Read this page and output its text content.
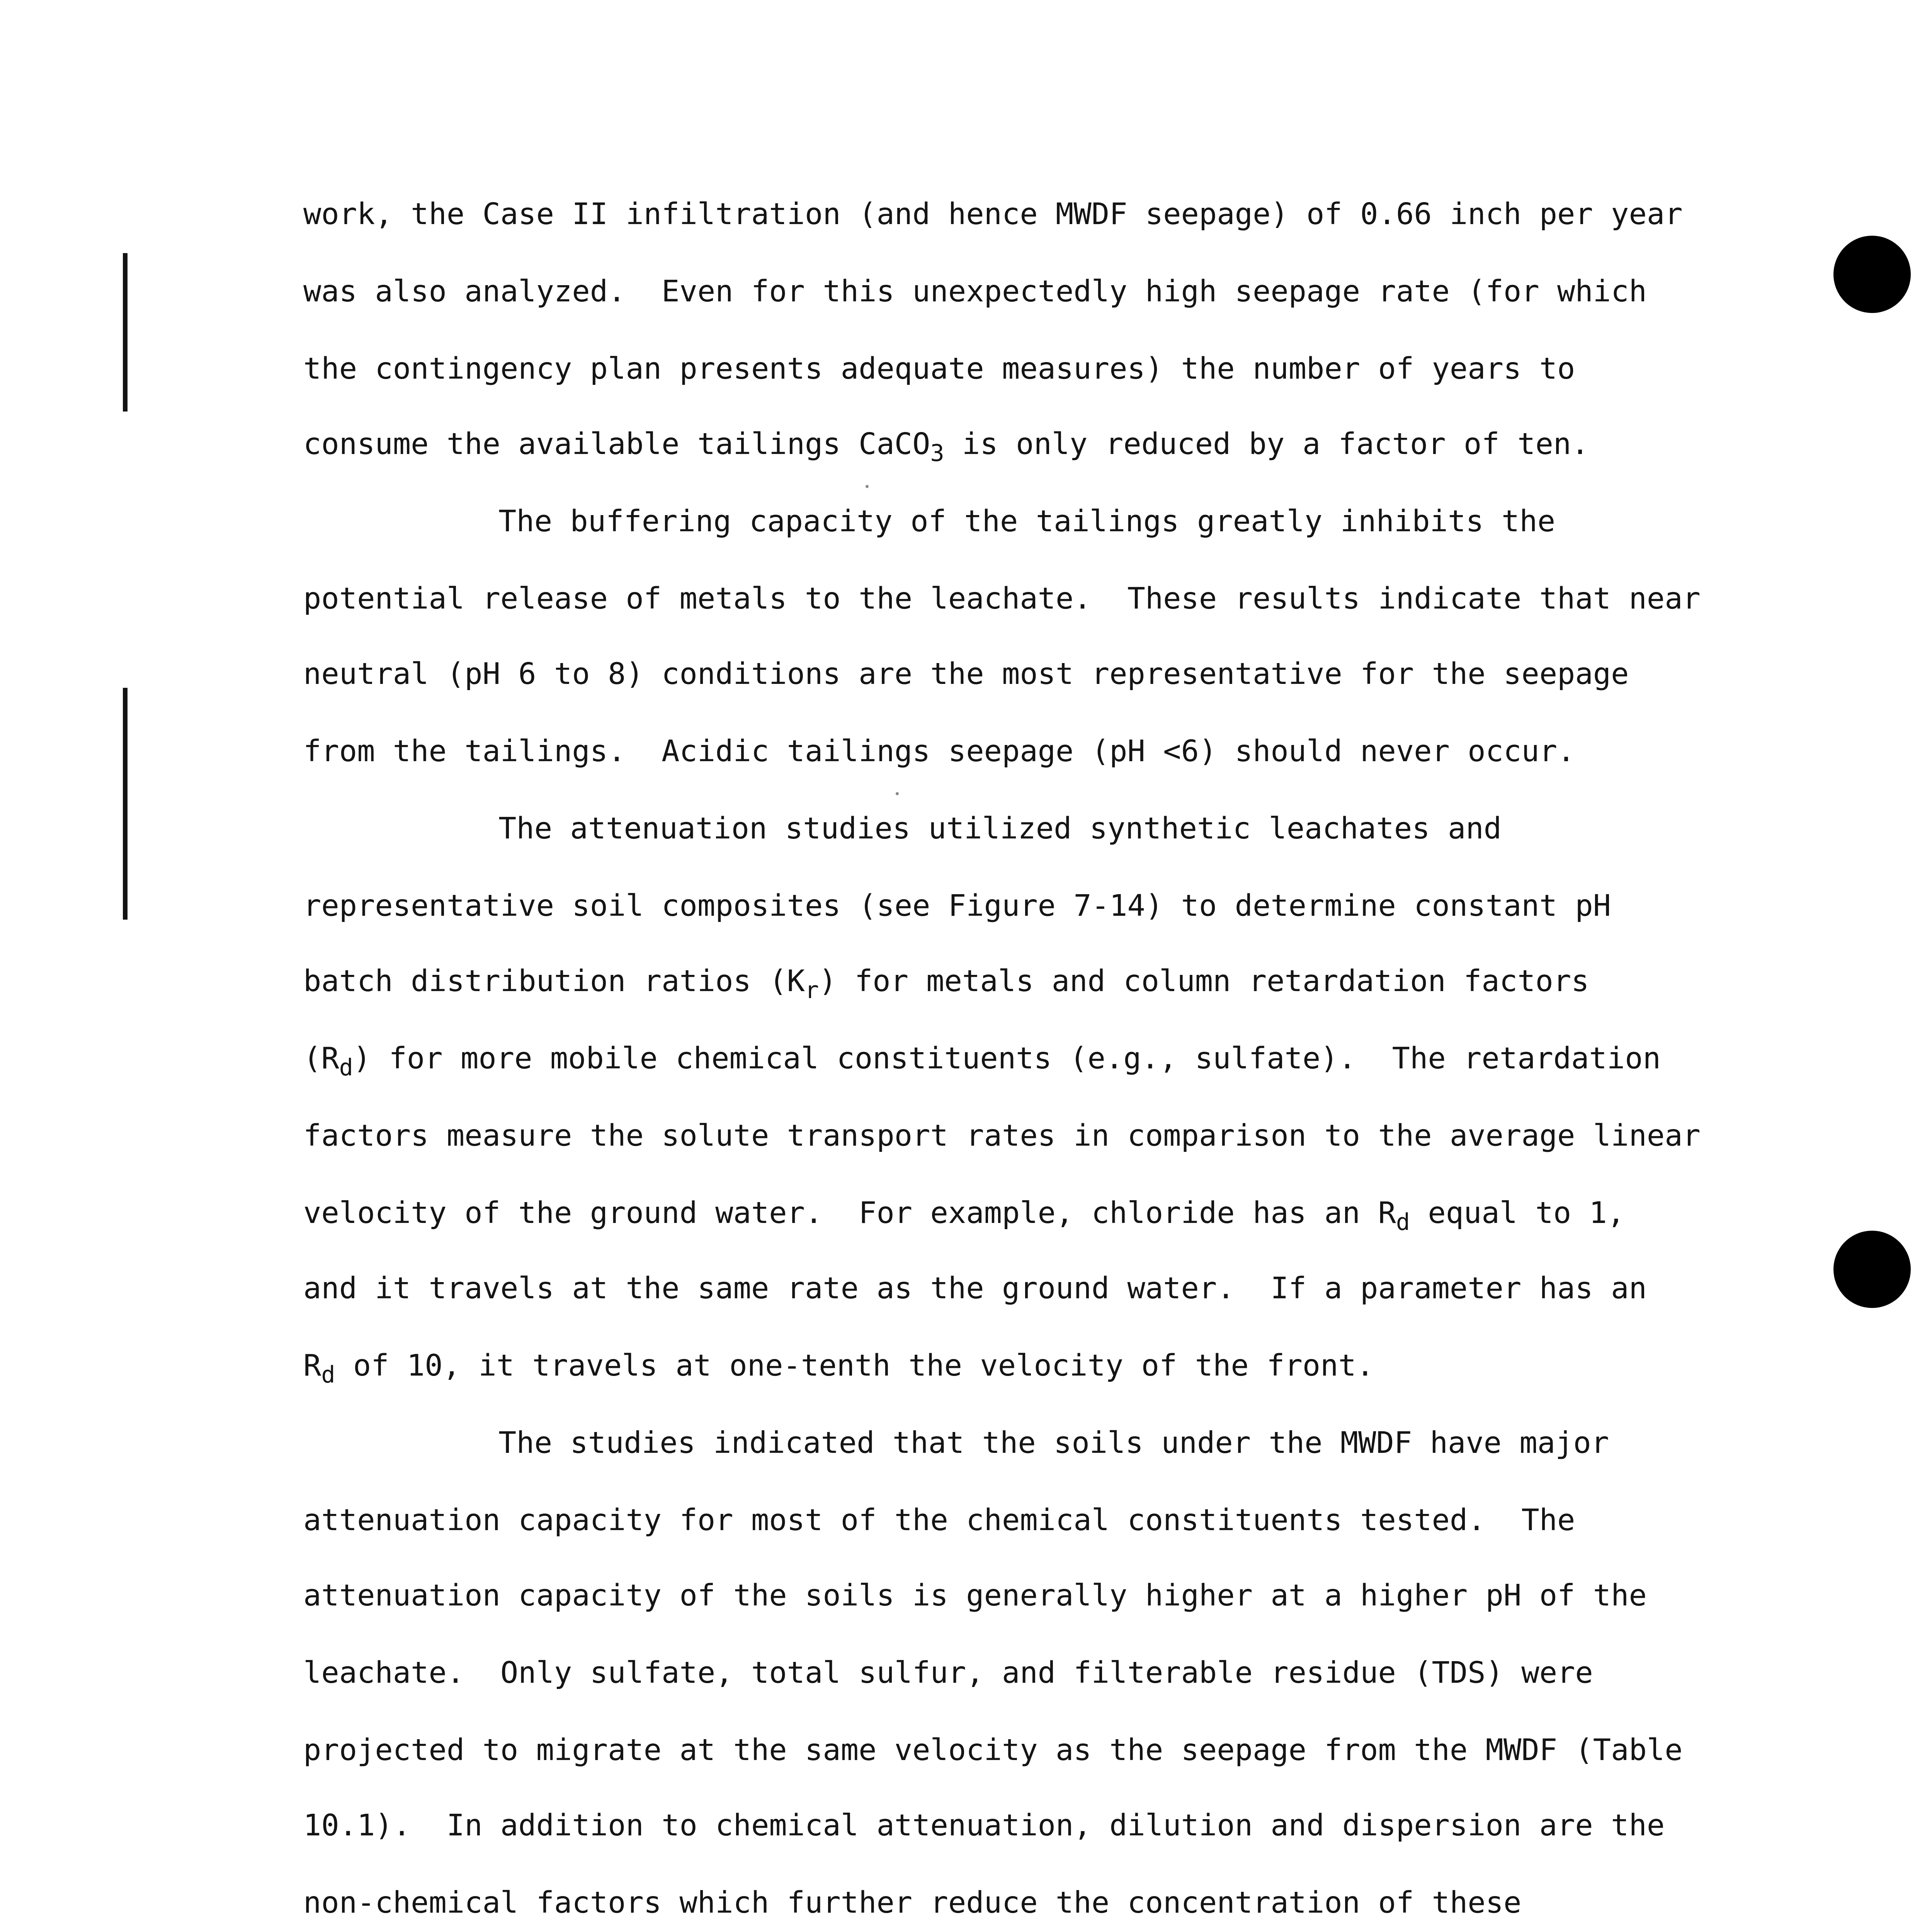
work, the Case II infiltration (and hence MWDF seepage) of 0.66 inch per year
was also analyzed.  Even for this unexpectedly high seepage rate (for which
the contingency plan presents adequate measures) the number of years to
consume the available tailings CaCO$_3$ is only reduced by a factor of ten.
The buffering capacity of the tailings greatly inhibits the
potential release of metals to the leachate.  These results indicate that near
neutral (pH 6 to 8) conditions are the most representative for the seepage
from the tailings.  Acidic tailings seepage (pH <6) should never occur.
The attenuation studies utilized synthetic leachates and
representative soil composites (see Figure 7-14) to determine constant pH
batch distribution ratios $(K_r)$ for metals and column retardation factors
$(R_d)$ for more mobile chemical constituents (e.g., sulfate).  The retardation
factors measure the solute transport rates in comparison to the average linear
velocity of the ground water.  For example, chloride has an $R_d$ equal to 1,
and it travels at the same rate as the ground water.  If a parameter has an
$R_d$ of 10, it travels at one-tenth the velocity of the front.
The studies indicated that the soils under the MWDF have major
attenuation capacity for most of the chemical constituents tested.  The
attenuation capacity of the soils is generally higher at a higher pH of the
leachate.  Only sulfate, total sulfur, and filterable residue (TDS) were
projected to migrate at the same velocity as the seepage from the MWDF (Table
10.1).  In addition to chemical attenuation, dilution and dispersion are the
non-chemical factors which further reduce the concentration of these
